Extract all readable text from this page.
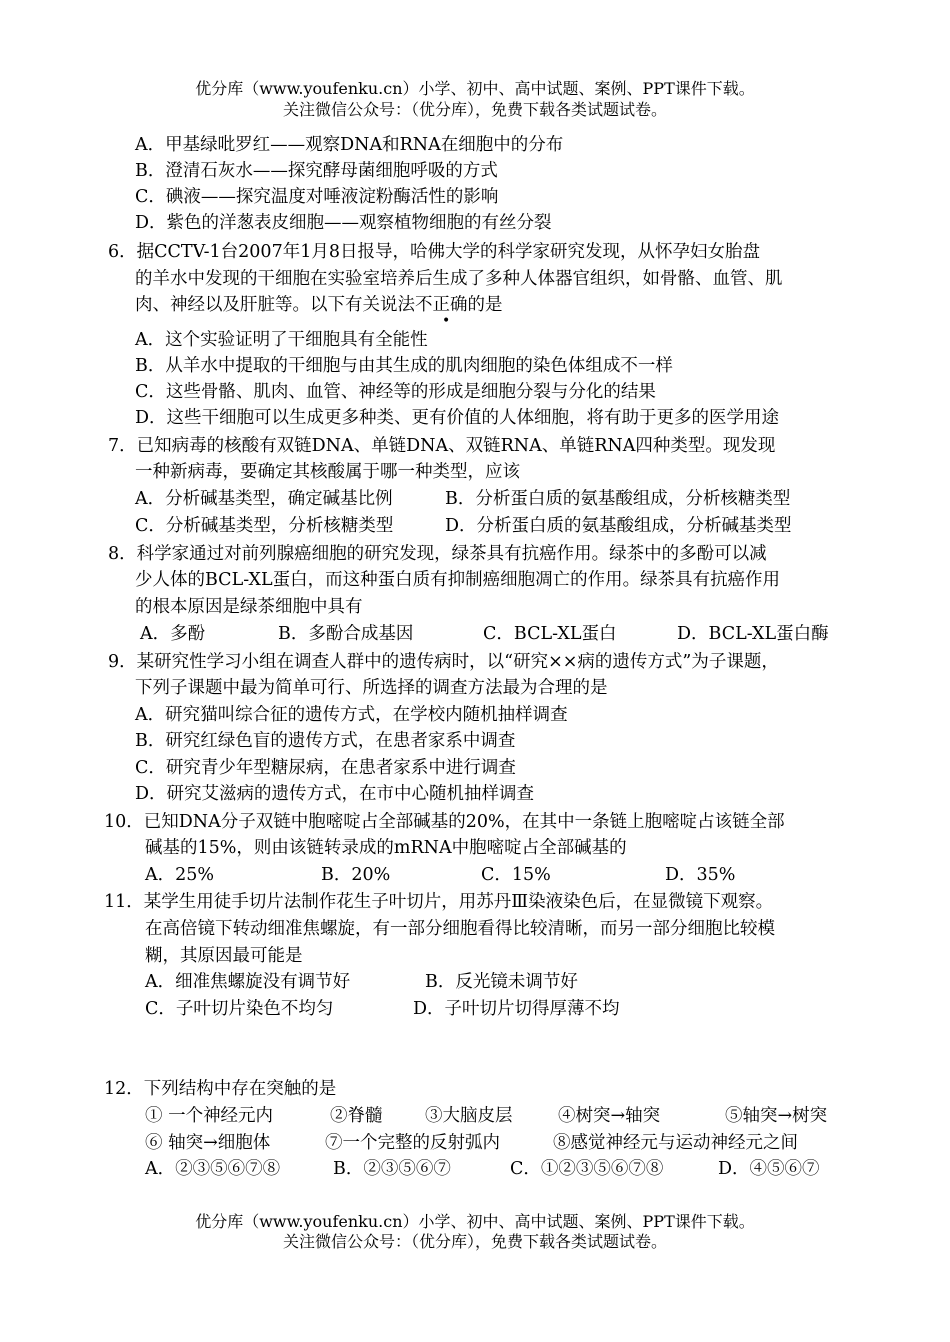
优分库（www.youfenku.cn）小学、初中、高中试题、案例、PPT课件下载。
关注微信公众号：（优分库），免费下载各类试题试卷。
A．甲基绿吡罗红——观察DNA和RNA在细胞中的分布
B．澄清石灰水——探究酵母菌细胞呼吸的方式
C．碘液——探究温度对唾液淀粉酶活性的影响
D．紫色的洋葱表皮细胞——观察植物细胞的有丝分裂
6．据CCTV-1台2007年1月8日报导，哈佛大学的科学家研究发现，从怀孕妇女胎盘
的羊水中发现的干细胞在实验室培养后生成了多种人体器官组织，如骨骼、血管、肌
肉、神经以及肝脏等。以下有关说法不正确的是
•
A．这个实验证明了干细胞具有全能性
B．从羊水中提取的干细胞与由其生成的肌肉细胞的染色体组成不一样
C．这些骨骼、肌肉、血管、神经等的形成是细胞分裂与分化的结果
D．这些干细胞可以生成更多种类、更有价值的人体细胞，将有助于更多的医学用途
7．已知病毒的核酸有双链DNA、单链DNA、双链RNA、单链RNA四种类型。现发现
一种新病毒，要确定其核酸属于哪一种类型，应该
A．分析碱基类型，确定碱基比例	B．分析蛋白质的氨基酸组成，分析核糖类型
C．分析碱基类型，分析核糖类型	D．分析蛋白质的氨基酸组成，分析碱基类型
8．科学家通过对前列腺癌细胞的研究发现，绿茶具有抗癌作用。绿茶中的多酚可以减
少人体的BCL-XL蛋白，而这种蛋白质有抑制癌细胞凋亡的作用。绿茶具有抗癌作用
的根本原因是绿茶细胞中具有
A．多酚	B．多酚合成基因	C．BCL-XL蛋白	D．BCL-XL蛋白酶
9．某研究性学习小组在调查人群中的遗传病时，以“研究××病的遗传方式”为子课题，
下列子课题中最为简单可行、所选择的调查方法最为合理的是
A．研究猫叫综合征的遗传方式，在学校内随机抽样调查
B．研究红绿色盲的遗传方式，在患者家系中调查
C．研究青少年型糖尿病，在患者家系中进行调查
D．研究艾滋病的遗传方式，在市中心随机抽样调查
10．已知DNA分子双链中胞嘧啶占全部碱基的20%，在其中一条链上胞嘧啶占该链全部
碱基的15%，则由该链转录成的mRNA中胞嘧啶占全部碱基的
A．25%	B．20%	C．15%	D．35%
11．某学生用徒手切片法制作花生子叶切片，用苏丹Ⅲ染液染色后，在显微镜下观察。
在高倍镜下转动细准焦螺旋，有一部分细胞看得比较清晰，而另一部分细胞比较模
糊，其原因最可能是
A．细准焦螺旋没有调节好	B．反光镜未调节好
C．子叶切片染色不均匀	D．子叶切片切得厚薄不均
12．下列结构中存在突触的是
① 一个神经元内	②脊髓 ③大脑皮层	④树突→轴突	⑤轴突→树突
⑥ 轴突→细胞体	⑦一个完整的反射弧内	⑧感觉神经元与运动神经元之间
A．②③⑤⑥⑦⑧	B．②③⑤⑥⑦	C．①②③⑤⑥⑦⑧	D．④⑤⑥⑦
优分库（www.youfenku.cn）小学、初中、高中试题、案例、PPT课件下载。
关注微信公众号：（优分库），免费下载各类试题试卷。
